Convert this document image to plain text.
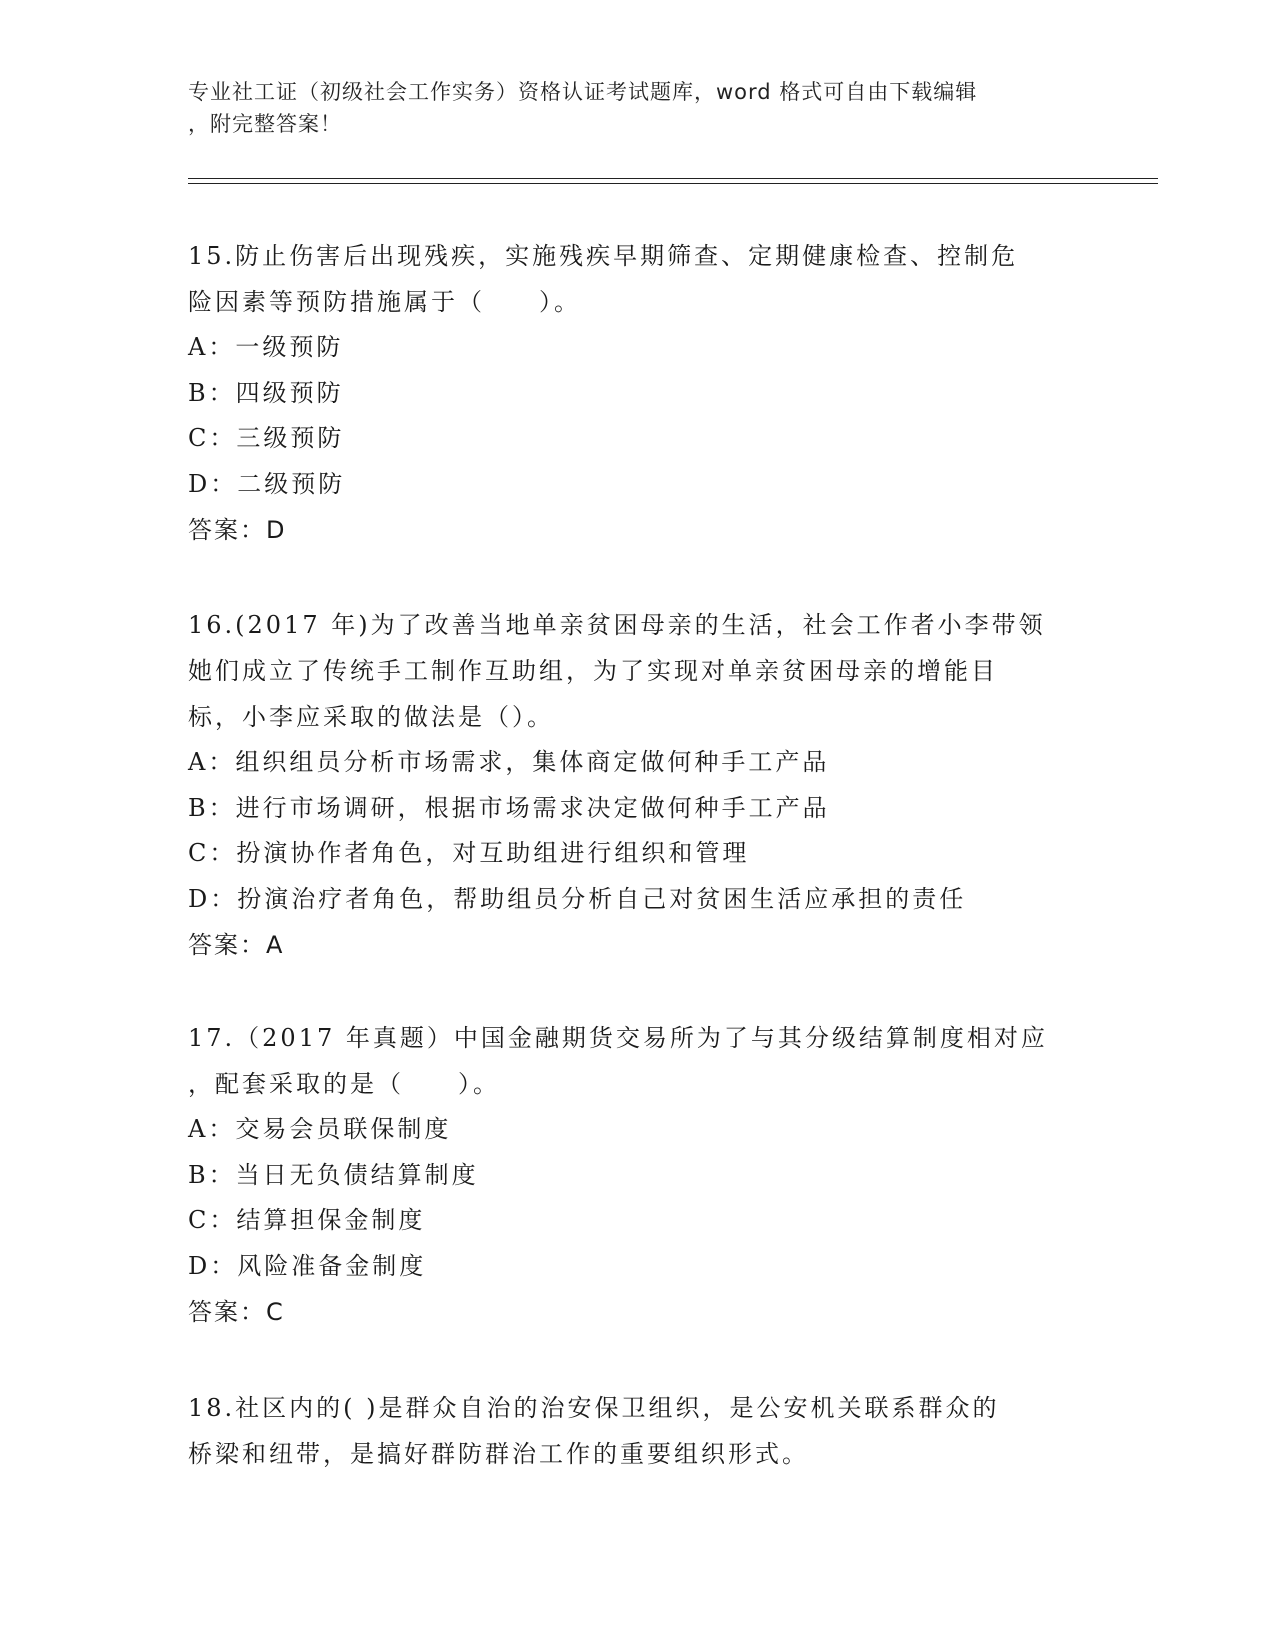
专业社工证（初级社会工作实务）资格认证考试题库，word 格式可自由下载编辑
，附完整答案！
15.防止伤害后出现残疾，实施残疾早期筛查、定期健康检查、控制危
险因素等预防措施属于（　　）。
A：一级预防
B：四级预防
C：三级预防
D：二级预防
答案：D
16.(2017 年)为了改善当地单亲贫困母亲的生活，社会工作者小李带领
她们成立了传统手工制作互助组，为了实现对单亲贫困母亲的增能目
标，小李应采取的做法是（）。
A：组织组员分析市场需求，集体商定做何种手工产品
B：进行市场调研，根据市场需求决定做何种手工产品
C：扮演协作者角色，对互助组进行组织和管理
D：扮演治疗者角色，帮助组员分析自己对贫困生活应承担的责任
答案：A
17.（2017 年真题）中国金融期货交易所为了与其分级结算制度相对应
，配套采取的是（　　）。
A：交易会员联保制度
B：当日无负债结算制度
C：结算担保金制度
D：风险准备金制度
答案：C
18.社区内的( )是群众自治的治安保卫组织，是公安机关联系群众的
桥梁和纽带，是搞好群防群治工作的重要组织形式。
